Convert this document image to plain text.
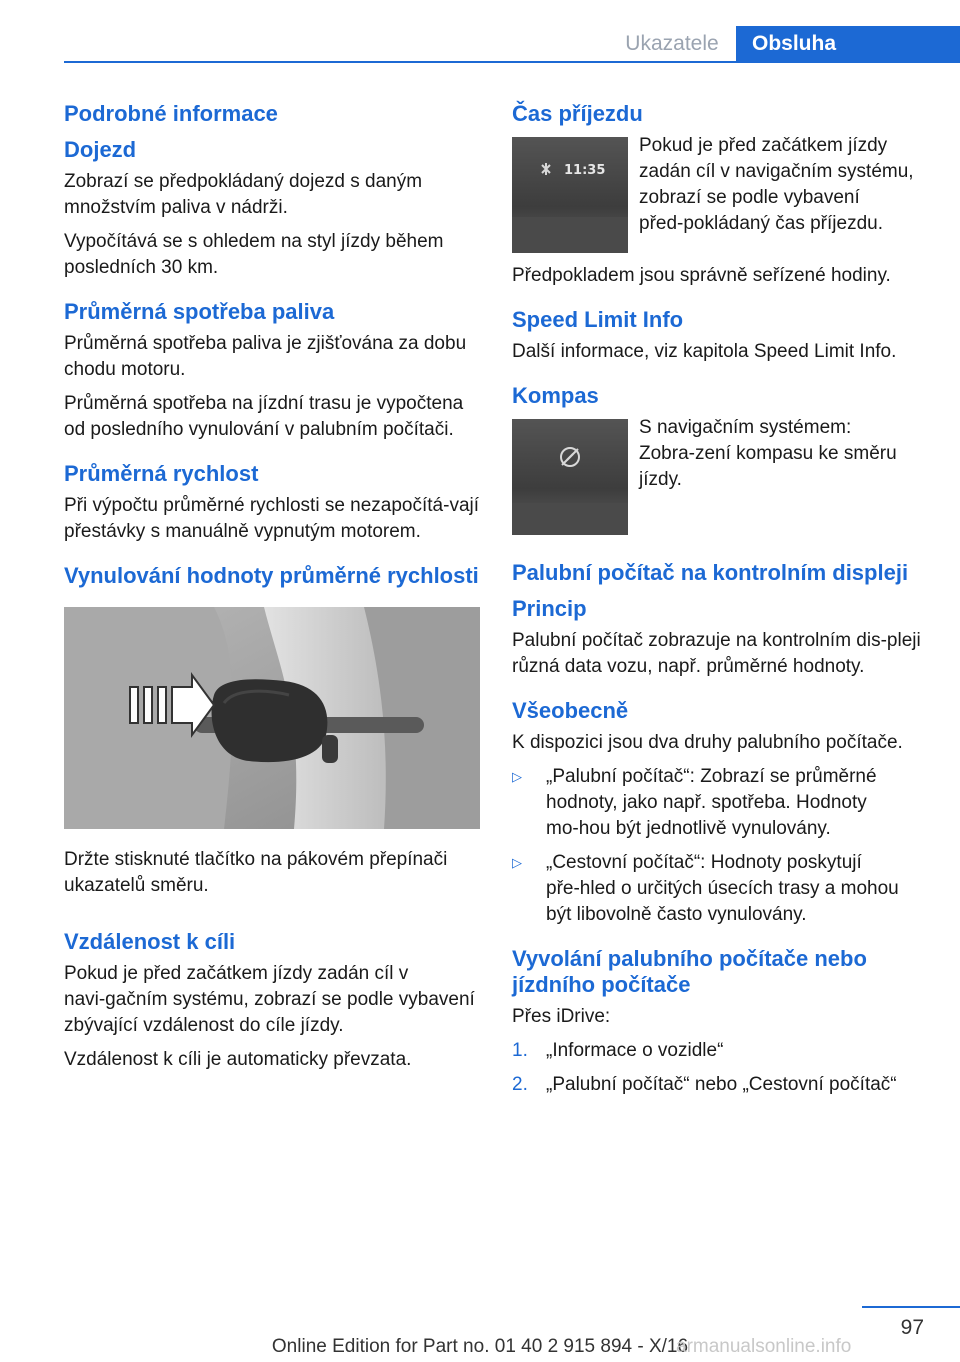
Ukazatele	Obsluha
Podrobné informace
Dojezd

Zobrazí se předpokládaný dojezd s daným množstvím paliva v nádrži.

Vypočítává se s ohledem na styl jízdy během posledních 30 km.

Průměrná spotřeba paliva

Průměrná spotřeba paliva je zjišťována za dobu chodu motoru.

Průměrná spotřeba na jízdní trasu je vypočtena od posledního vynulování v palubním počítači.

Průměrná rychlost

Při výpočtu průměrné rychlosti se nezapočítá‑vají přestávky s manuálně vypnutým motorem.

Vynulování hodnoty průměrné rychlosti

Držte stisknuté tlačítko na pákovém přepínači ukazatelů směru.

Vzdálenost k cíli

Pokud je před začátkem jízdy zadán cíl v navi‑gačním systému, zobrazí se podle vybavení zbývající vzdálenost do cíle jízdy.

Vzdálenost k cíli je automaticky převzata.

Čas příjezdu
11:35

Pokud je před začátkem jízdy zadán cíl v navigačním systému, zobrazí se podle vybavení před‑pokládaný čas příjezdu.

Předpokladem jsou správně seřízené hodiny.

Speed Limit Info

Další informace, viz kapitola Speed Limit Info.

Kompas

S navigačním systémem: Zobra‑zení kompasu ke směru jízdy.

Palubní počítač na kontrolním displeji
Princip

Palubní počítač zobrazuje na kontrolním dis‑pleji různá data vozu, např. průměrné hodnoty.

Všeobecně

K dispozici jsou dva druhy palubního počítače.

▷ „Palubní počítač“: Zobrazí se průměrné hodnoty, jako např. spotřeba. Hodnoty mo‑hou být jednotlivě vynulovány.
▷ „Cestovní počítač“: Hodnoty poskytují pře‑hled o určitých úsecích trasy a mohou být libovolně často vynulovány.
Vyvolání palubního počítače nebo jízdního počítače

Přes iDrive:

1. „Informace o vozidle“
2. „Palubní počítač“ nebo „Cestovní počítač“
97
Online Edition for Part no. 01 40 2 915 894 - X/16
armanualsonline.info
